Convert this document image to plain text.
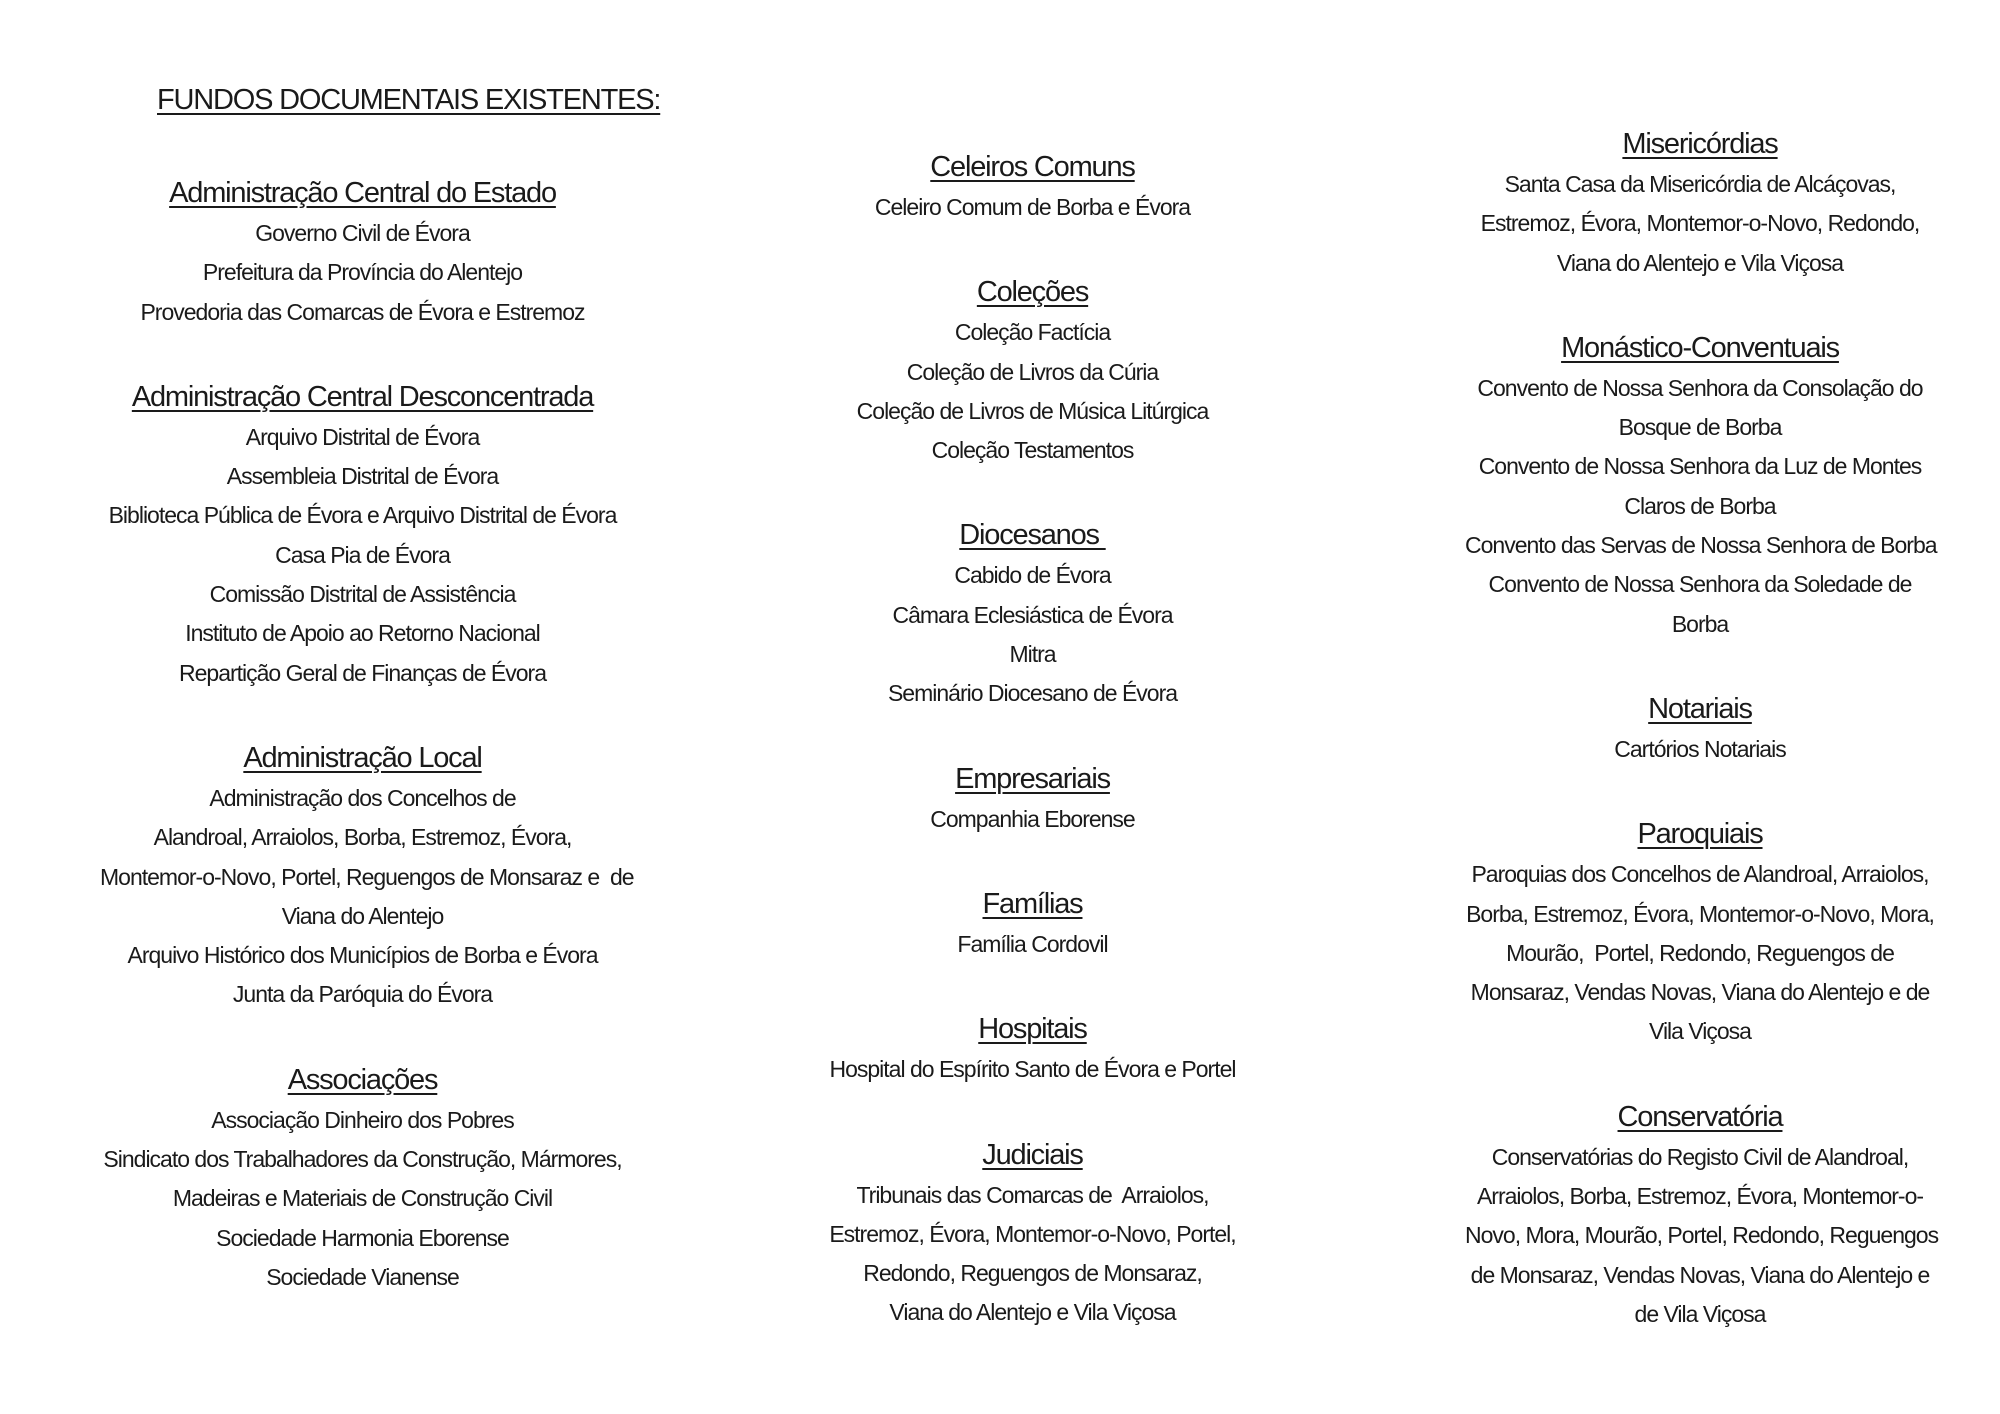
FUNDOS DOCUMENTAIS EXISTENTES:
Administração Central do Estado
Governo Civil de Évora
Prefeitura da Província do Alentejo
Provedoria das Comarcas de Évora e Estremoz
Administração Central Desconcentrada
Arquivo Distrital de Évora
Assembleia Distrital de Évora
Biblioteca Pública de Évora e Arquivo Distrital de Évora
Casa Pia de Évora
Comissão Distrital de Assistência
Instituto de Apoio ao Retorno Nacional
Repartição Geral de Finanças de Évora
Administração Local
Administração dos Concelhos de
Alandroal, Arraiolos, Borba, Estremoz, Évora,
Montemor-o-Novo, Portel, Reguengos de Monsaraz e  de
Viana do Alentejo
Arquivo Histórico dos Municípios de Borba e Évora
Junta da Paróquia do Évora
Associações
Associação Dinheiro dos Pobres
Sindicato dos Trabalhadores da Construção, Mármores,
Madeiras e Materiais de Construção Civil
Sociedade Harmonia Eborense
Sociedade Vianense
Celeiros Comuns
Celeiro Comum de Borba e Évora
Coleções
Coleção Factícia
Coleção de Livros da Cúria
Coleção de Livros de Música Litúrgica
Coleção Testamentos
Diocesanos
Cabido de Évora
Câmara Eclesiástica de Évora
Mitra
Seminário Diocesano de Évora
Empresariais
Companhia Eborense
Famílias
Família Cordovil
Hospitais
Hospital do Espírito Santo de Évora e Portel
Judiciais
Tribunais das Comarcas de  Arraiolos,
Estremoz, Évora, Montemor-o-Novo, Portel,
Redondo, Reguengos de Monsaraz,
Viana do Alentejo e Vila Viçosa
Misericórdias
Santa Casa da Misericórdia de Alcáçovas,
Estremoz, Évora, Montemor-o-Novo, Redondo,
Viana do Alentejo e Vila Viçosa
Monástico-Conventuais
Convento de Nossa Senhora da Consolação do
Bosque de Borba
Convento de Nossa Senhora da Luz de Montes
Claros de Borba
Convento das Servas de Nossa Senhora de Borba
Convento de Nossa Senhora da Soledade de
Borba
Notariais
Cartórios Notariais
Paroquiais
Paroquias dos Concelhos de Alandroal, Arraiolos,
Borba, Estremoz, Évora, Montemor-o-Novo, Mora,
Mourão,  Portel, Redondo, Reguengos de
Monsaraz, Vendas Novas, Viana do Alentejo e de
Vila Viçosa
Conservatória
Conservatórias do Registo Civil de Alandroal,
Arraiolos, Borba, Estremoz, Évora, Montemor-o-
Novo, Mora, Mourão, Portel, Redondo, Reguengos
de Monsaraz, Vendas Novas, Viana do Alentejo e
de Vila Viçosa
